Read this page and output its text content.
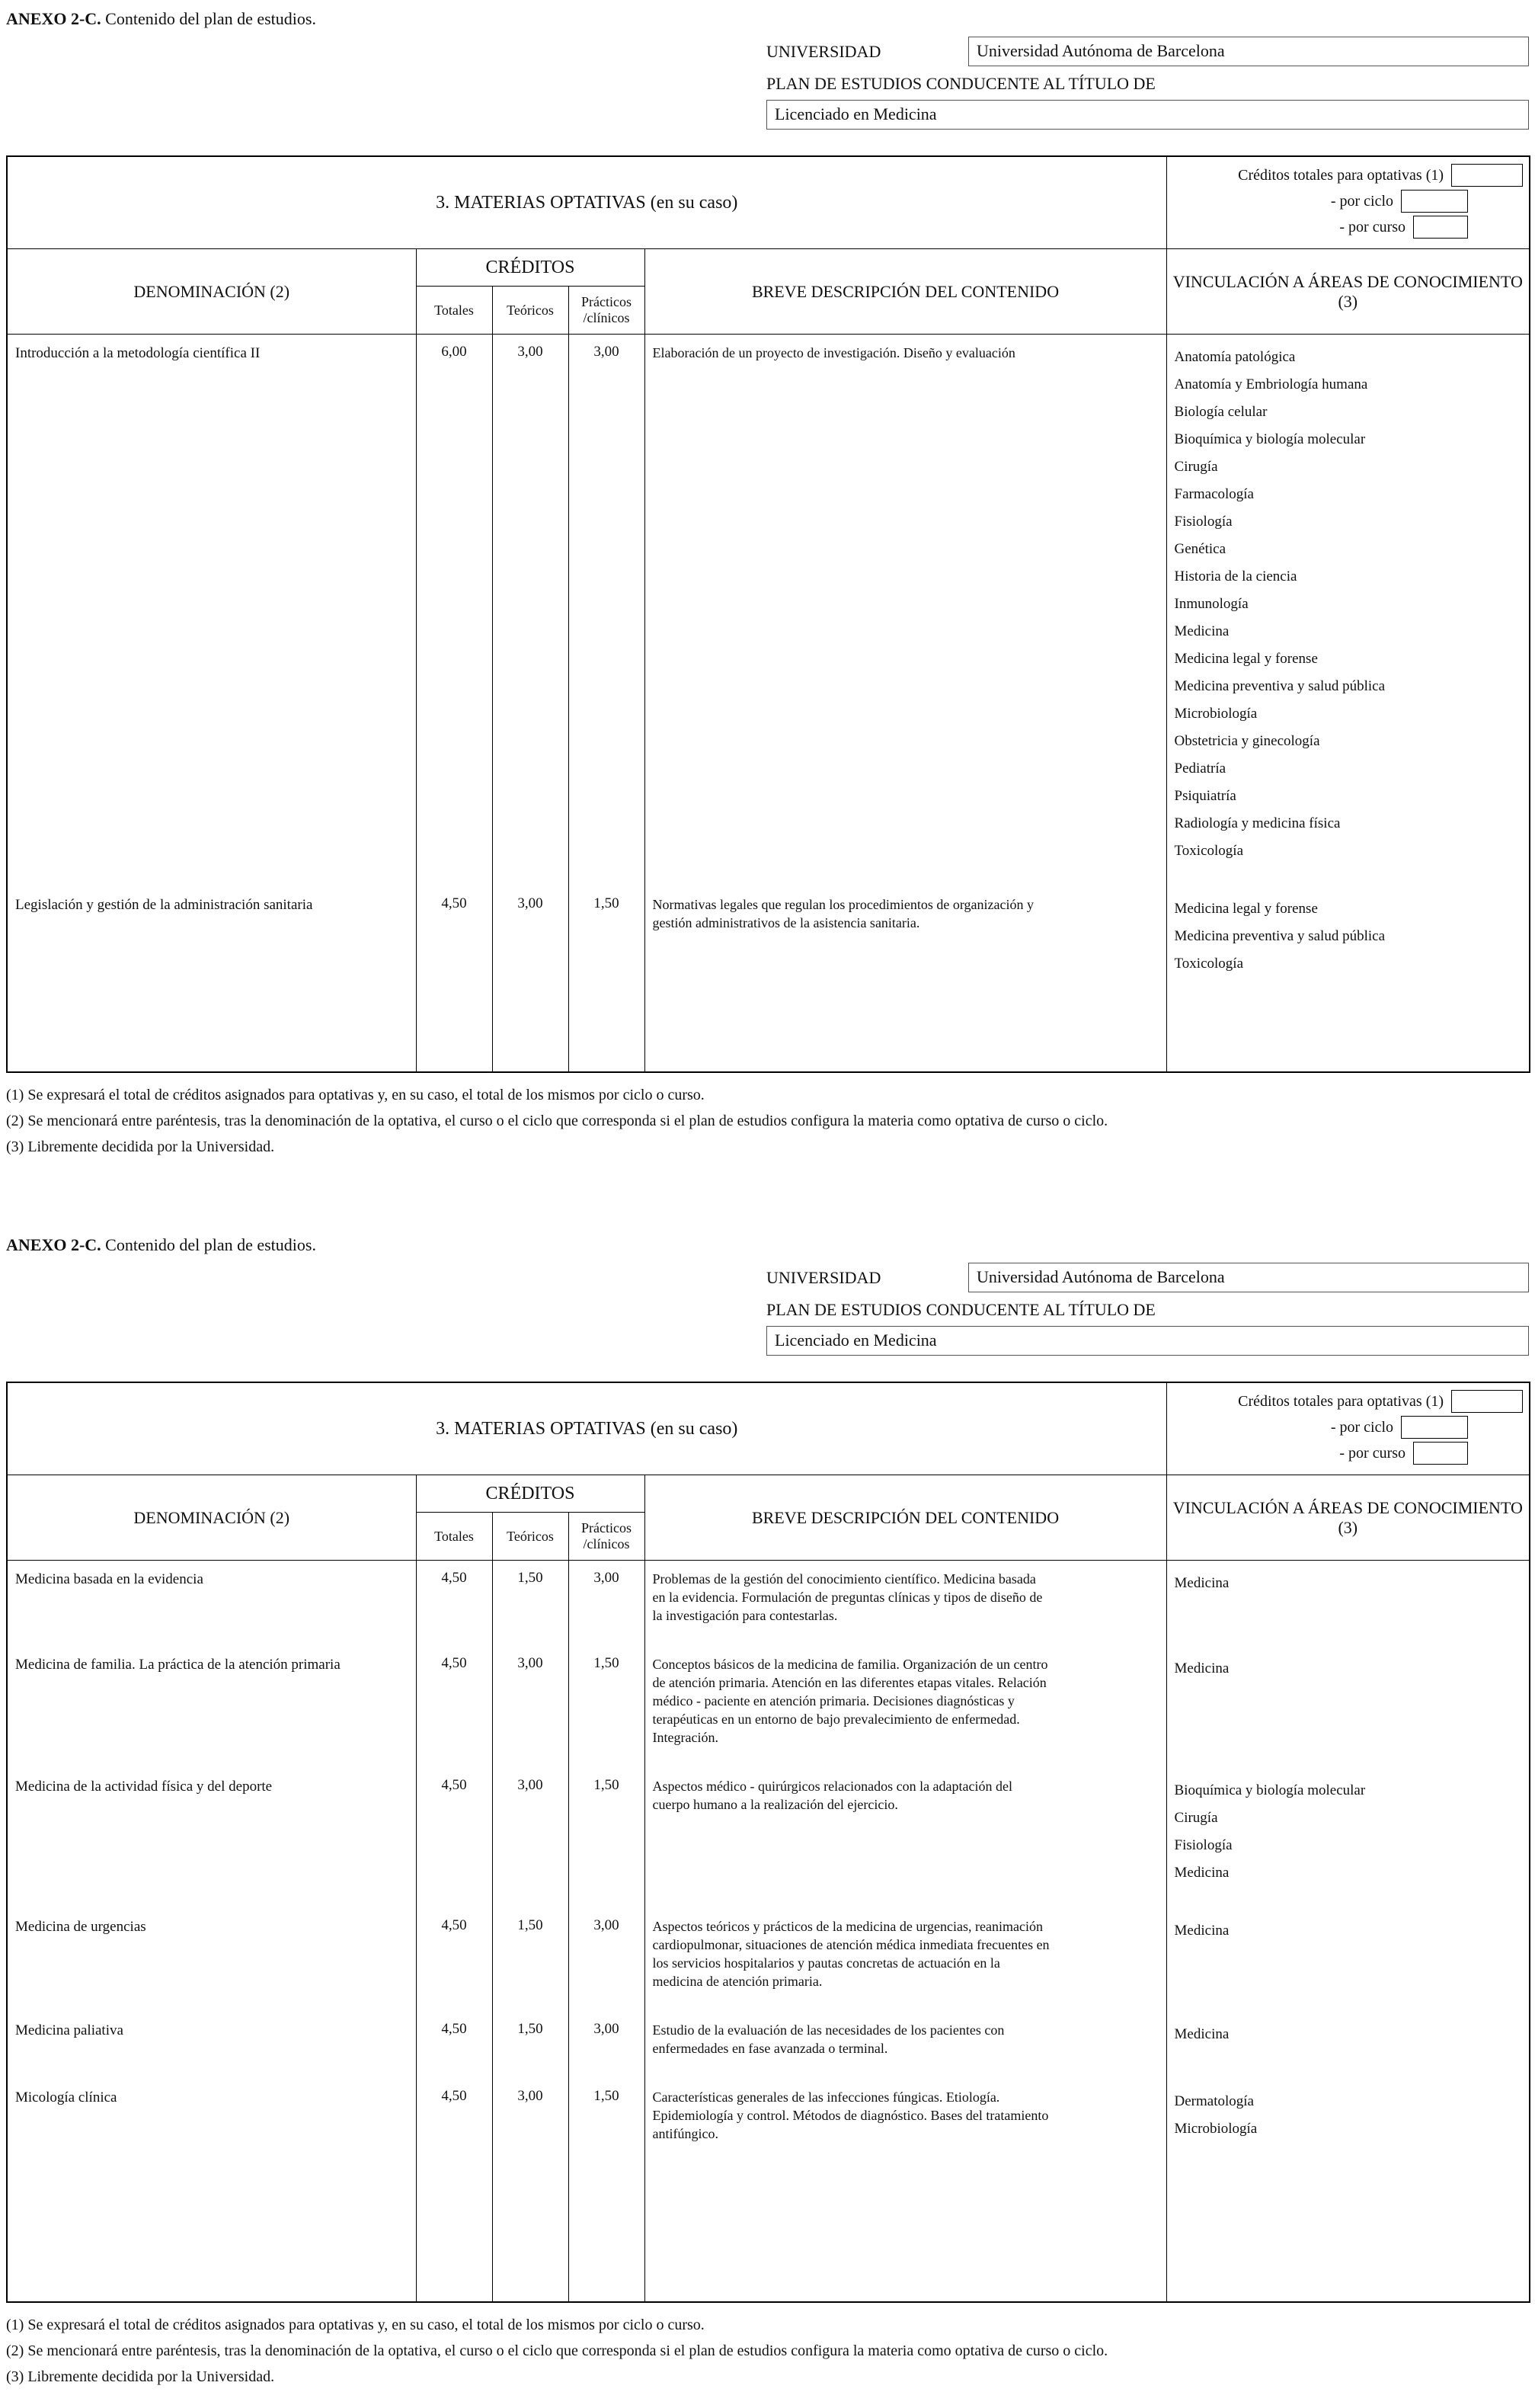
ANEXO 2-C. Contenido del plan de estudios.
UNIVERSIDAD	Universidad Autónoma de Barcelona
PLAN DE ESTUDIOS CONDUCENTE AL TÍTULO DE
Licenciado en Medicina
3. MATERIAS OPTATIVAS (en su caso)					Créditos totales para optativas (1)
- por ciclo
- por curso

DENOMINACIÓN (2)	CRÉDITOS			BREVE DESCRIPCIÓN DEL CONTENIDO	VINCULACIÓN A ÁREAS DE CONOCIMIENTO (3)
	Totales	Teóricos	Prácticos /clínicos		
Introducción a la metodología científica II	6,00	3,00	3,00	Elaboración de un proyecto de investigación. Diseño y evaluación	Anatomía patológica
Anatomía y Embriología humana
Biología celular
Bioquímica y biología molecular
Cirugía
Farmacología
Fisiología
Genética
Historia de la ciencia
Inmunología
Medicina
Medicina legal y forense
Medicina preventiva y salud pública
Microbiología
Obstetricia y ginecología
Pediatría
Psiquiatría
Radiología y medicina física
Toxicología

Legislación y gestión de la administración sanitaria	4,50	3,00	1,50	Normativas legales que regulan los procedimientos de organización y gestión administrativos de la asistencia sanitaria.	Medicina legal y forense
Medicina preventiva y salud pública
Toxicología

(1) Se expresará el total de créditos asignados para optativas y, en su caso, el total de los mismos por ciclo o curso.
(2) Se mencionará entre paréntesis, tras la denominación de la optativa, el curso o el ciclo que corresponda si el plan de estudios configura la materia como optativa de curso o ciclo.
(3) Libremente decidida por la Universidad.
ANEXO 2-C. Contenido del plan de estudios.
UNIVERSIDAD	Universidad Autónoma de Barcelona
PLAN DE ESTUDIOS CONDUCENTE AL TÍTULO DE
Licenciado en Medicina
3. MATERIAS OPTATIVAS (en su caso)					Créditos totales para optativas (1)
- por ciclo
- por curso

DENOMINACIÓN (2)	CRÉDITOS			BREVE DESCRIPCIÓN DEL CONTENIDO	VINCULACIÓN A ÁREAS DE CONOCIMIENTO (3)
	Totales	Teóricos	Prácticos /clínicos		
Medicina basada en la evidencia	4,50	1,50	3,00	Problemas de la gestión del conocimiento científico. Medicina basada en la evidencia. Formulación de preguntas clínicas y tipos de diseño de la investigación para contestarlas.	Medicina

Medicina de familia. La práctica de la atención primaria	4,50	3,00	1,50	Conceptos básicos de la medicina de familia. Organización de un centro de atención primaria. Atención en las diferentes etapas vitales. Relación médico - paciente en atención primaria. Decisiones diagnósticas y terapéuticas en un entorno de bajo prevalecimiento de enfermedad. Integración.	Medicina

Medicina de la actividad física y del deporte	4,50	3,00	1,50	Aspectos médico - quirúrgicos relacionados con la adaptación del cuerpo humano a la realización del ejercicio.	Bioquímica y biología molecular
Cirugía
Fisiología
Medicina

Medicina de urgencias	4,50	1,50	3,00	Aspectos teóricos y prácticos de la medicina de urgencias, reanimación cardiopulmonar, situaciones de atención médica inmediata frecuentes en los servicios hospitalarios y pautas concretas de actuación en la medicina de atención primaria.	Medicina

Medicina paliativa	4,50	1,50	3,00	Estudio de la evaluación de las necesidades de los pacientes con enfermedades en fase avanzada o terminal.	Medicina

Micología clínica	4,50	3,00	1,50	Características generales de las infecciones fúngicas. Etiología. Epidemiología y control. Métodos de diagnóstico. Bases del tratamiento antifúngico.	Dermatología
Microbiología

(1) Se expresará el total de créditos asignados para optativas y, en su caso, el total de los mismos por ciclo o curso.
(2) Se mencionará entre paréntesis, tras la denominación de la optativa, el curso o el ciclo que corresponda si el plan de estudios configura la materia como optativa de curso o ciclo.
(3) Libremente decidida por la Universidad.
